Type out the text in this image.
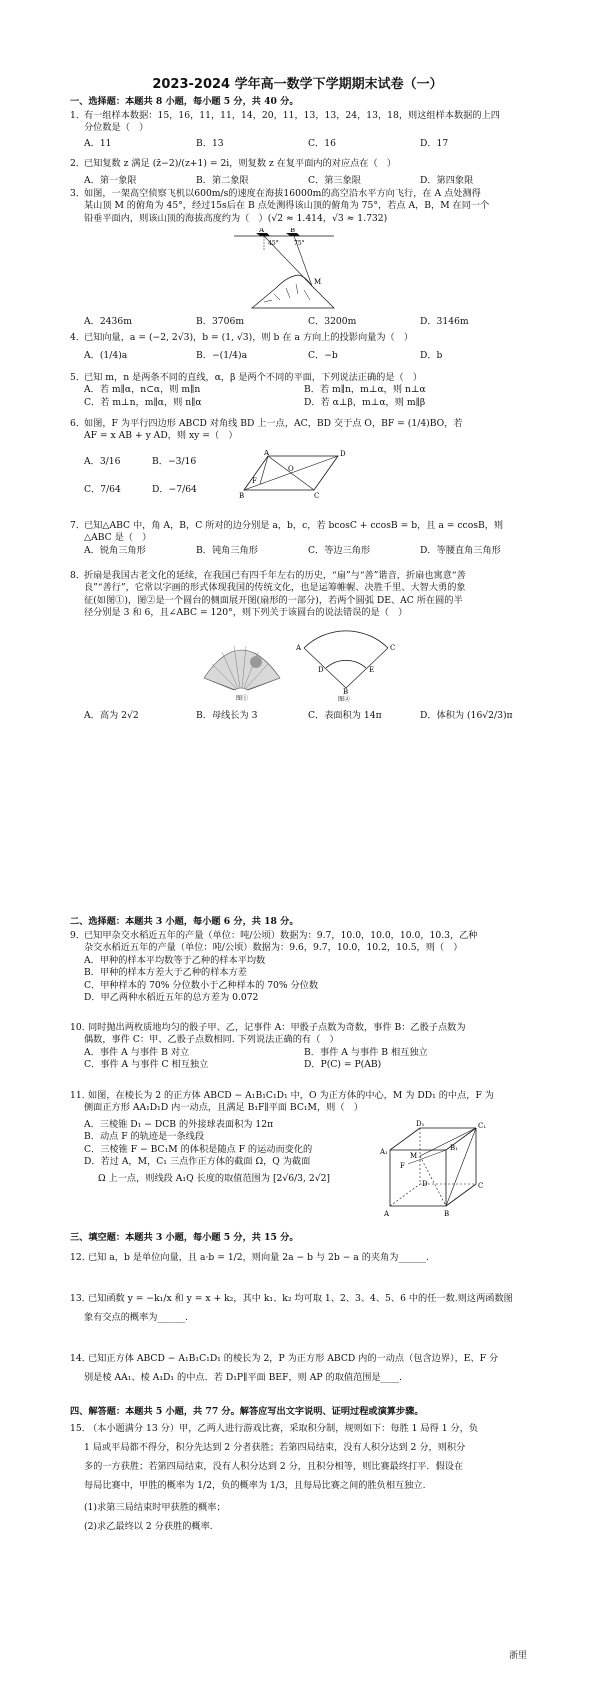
2023-2024 学年高一数学下学期期末试卷（一）
一、选择题：本题共 8 小题，每小题 5 分，共 40 分。
1．有一组样本数据：15，16，11，11，14，20，11，13，13，24，13，18，则这组样本数据的上四
分位数是（　）
A．11	B．13	C．16	D．17
2．已知复数 z 满足 (z̄−2)/(z+1) = 2i，则复数 z 在复平面内的对应点在（　）
A．第一象限	B．第二象限	C．第三象限	D．第四象限
3．如图，一架高空侦察飞机以600m/s的速度在海拔16000m的高空沿水平方向飞行，在 A 点处测得
某山顶 M 的俯角为 45°，经过15s后在 B 点处测得该山顶的俯角为 75°，若点 A，B，M 在同一个
铅垂平面内，则该山顶的海拔高度约为（　）(√2 ≈ 1.414，√3 ≈ 1.732)
A	B
M
45°	75°
A．2436m	B．3706m	C．3200m	D．3146m
4．已知向量，a = (−2, 2√3)，b = (1, √3)，则 b 在 a 方向上的投影向量为（　）
A．(1/4)a	B．−(1/4)a	C．−b	D．b
5．已知 m，n 是两条不同的直线，α，β 是两个不同的平面，下列说法正确的是（　）
A．若 m∥α，n⊂α，则 m∥n	B．若 m∥n，m⊥α，则 n⊥α
C．若 m⊥n，m∥α，则 n∥α	D．若 α⊥β，m⊥α，则 m∥β
6．如图，F 为平行四边形 ABCD 对角线 BD 上一点，AC，BD 交于点 O，BF = (1/4)BO，若
AF = x AB + y AD，则 xy =（　）
A．3/16	B．−3/16
C．7/64	D．−7/64
A	D
B	C
O
F
7．已知△ABC 中，角 A，B，C 所对的边分别是 a，b，c，若 bcosC + ccosB = b，且 a = ccosB，则
△ABC 是（　）
A．锐角三角形	B．钝角三角形	C．等边三角形	D．等腰直角三角形
8．折扇是我国古老文化的延续，在我国已有四千年左右的历史，“扇”与“善”谐音，折扇也寓意“善
良”“善行”，它常以字画的形式体现我国的传统文化，也是运筹帷幄、决胜千里、大智大勇的象
征(如图①)，图②是一个圆台的侧面展开图(扇形的一部分)，若两个圆弧 DE、AC 所在圆的半
径分别是 3 和 6，且∠ABC = 120°，则下列关于该圆台的说法错误的是（　）
图①
A	C
D	E
B
图②
A．高为 2√2	B．母线长为 3	C．表面积为 14π	D．体积为 (16√2/3)π
二、选择题：本题共 3 小题，每小题 6 分，共 18 分。
9．已知甲杂交水稻近五年的产量（单位：吨/公顷）数据为：9.7，10.0，10.0，10.0，10.3，乙种
杂交水稻近五年的产量（单位：吨/公顷）数据为：9.6，9.7，10.0，10.2，10.5，则（　）
A．甲种的样本平均数等于乙种的样本平均数
B．甲种的样本方差大于乙种的样本方差
C．甲种样本的 70% 分位数小于乙种样本的 70% 分位数
D．甲乙两种水稻近五年的总方差为 0.072
10．同时抛出两枚质地均匀的骰子甲、乙，记事件 A：甲骰子点数为奇数，事件 B：乙骰子点数为
偶数，事件 C：甲、乙骰子点数相同. 下列说法正确的有（　）
A．事件 A 与事件 B 对立	B．事件 A 与事件 B 相互独立
C．事件 A 与事件 C 相互独立	D．P(C) = P(AB)
11．如图，在棱长为 2 的正方体 ABCD − A₁B₁C₁D₁ 中，O 为正方体的中心，M 为 DD₁ 的中点，F 为
侧面正方形 AA₁D₁D 内一动点，且满足 B₁F∥平面 BC₁M，则（　）
A．三棱锥 D₁ − DCB 的外接球表面积为 12π
B．动点 F 的轨迹是一条线段
C．三棱锥 F − BC₁M 的体积是随点 F 的运动而变化的
D．若过 A，M，C₁ 三点作正方体的截面 Ω，Q 为截面
Ω 上一点，则线段 A₁Q 长度的取值范围为 [2√6/3, 2√2]
A₁
D₁	C₁
B₁
M
F
D	C
A	B
三、填空题：本题共 3 小题，每小题 5 分，共 15 分。
12．已知 a，b 是单位向量，且 a·b = 1/2，则向量 2a − b 与 2b − a 的夹角为______.
13．已知函数 y = −k₁/x 和 y = x + k₂，其中 k₁、k₂ 均可取 1、2、3、4、5、6 中的任一数.则这两函数图
象有交点的概率为______.
14．已知正方体 ABCD − A₁B₁C₁D₁ 的棱长为 2，P 为正方形 ABCD 内的一动点（包含边界），E、F 分
别是棱 AA₁、棱 A₁D₁ 的中点．若 D₁P∥平面 BEF，则 AP 的取值范围是____.
四、解答题：本题共 5 小题，共 77 分。解答应写出文字说明、证明过程或演算步骤。
15．（本小题满分 13 分）甲，乙两人进行游戏比赛，采取积分制，规则如下：每胜 1 局得 1 分，负
1 局或平局都不得分，积分先达到 2 分者获胜；若第四局结束，没有人积分达到 2 分，则积分
多的一方获胜；若第四局结束，没有人积分达到 2 分，且积分相等，则比赛最终打平．假设在
每局比赛中，甲胜的概率为 1/2，负的概率为 1/3，且每局比赛之间的胜负相互独立.
(1)求第三局结束时甲获胜的概率；
(2)求乙最终以 2 分获胜的概率.
浙里
